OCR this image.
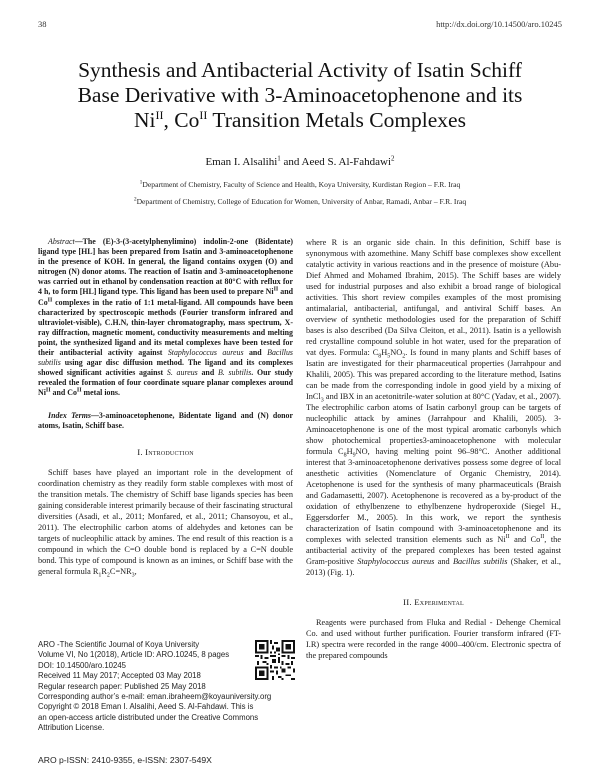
38	http://dx.doi.org/10.14500/aro.10245
Synthesis and Antibacterial Activity of Isatin Schiff
Base Derivative with 3-Aminoacetophenone and its
$Ni^{II}$, $Co^{II}$ Transition Metals Complexes
Eman I. Alsalihi$^1$ and Aeed S. Al-Fahdawi$^2$
$^1$Department of Chemistry, Faculty of Science and Health, Koya University, Kurdistan Region – F.R. Iraq
$^2$Department of Chemistry, College of Education for Women, University of Anbar, Ramadi, Anbar – F.R. Iraq
Abstract—The (E)-3-(3-acetylphenylimino) indolin-2-one (Bidentate) ligand type [HL] has been prepared from Isatin and 3-aminoacetophenone in the presence of KOH. In general, the ligand contains oxygen (O) and nitrogen (N) donor atoms. The reaction of Isatin and 3-aminoacetophenone was carried out in ethanol by condensation reaction at 80°C with reflux for 4 h, to form [HL] ligand type. This ligand has been used to prepare $Ni^{II}$ and $Co^{II}$ complexes in the ratio of 1:1 metal-ligand. All compounds have been characterized by spectroscopic methods (Fourier transform infrared and ultraviolet-visible), C.H.N, thin-layer chromatography, mass spectrum, X-ray diffraction, magnetic moment, conductivity measurements and melting point, the synthesized ligand and its metal complexes have been tested for their antibacterial activity against Staphylococcus aureus and Bacillus subtilis using agar disc diffusion method. The ligand and its complexes showed significant activities against S. aureus and B. subtilis. Our study revealed the formation of four coordinate square planar complexes around $Ni^{II}$ and $Co^{II}$ metal ions.
Index Terms—3-aminoacetophenone, Bidentate ligand and (N) donor atoms, Isatin, Schiff base.
I. Introduction

Schiff bases have played an important role in the development of coordination chemistry as they readily form stable complexes with most of the transition metals. The chemistry of Schiff base ligands species has been gaining considerable interest primarily because of their fascinating structural diversities (Asadi, et al., 2011; Monfared, et al., 2011; Chansoyou, et al., 2011). The electrophilic carbon atoms of aldehydes and ketones can be targets of nucleophilic attack by amines. The end result of this reaction is a compound in which the C=O double bond is replaced by a C=N double bond. This type of compound is known as an imines, or Schiff base with the general formula $R_1R_2C=NR_3$,

where R is an organic side chain. In this definition, Schiff base is synonymous with azomethine. Many Schiff base complexes show excellent catalytic activity in various reactions and in the presence of moisture (Abu-Dief Ahmed and Mohamed Ibrahim, 2015). The Schiff bases are widely used for industrial purposes and also exhibit a broad range of biological activities. This short review compiles examples of the most promising antimalarial, antibacterial, antifungal, and antiviral Schiff bases. An overview of synthetic methodologies used for the preparation of Schiff bases is also described (Da Silva Cleiton, et al., 2011). Isatin is a yellowish red crystalline compound soluble in hot water, used for the preparation of vat dyes. Formula: $C_8H_5NO_2$. Is found in many plants and Schiff bases of Isatin are investigated for their pharmaceutical properties (Jarrahpour and Khalili, 2005). This was prepared according to the literature method, Isatins can be made from the corresponding indole in good yield by a mixing of InCl$_3$ and IBX in an acetonitrile-water solution at 80°C (Yadav, et al., 2007). The electrophilic carbon atoms of Isatin carbonyl group can be targets of nucleophilic attack by amines (Jarrahpour and Khalili, 2005). 3-Aminoacetophenone is one of the most typical aromatic carbonyls which show photochemical properties3-aminoacetophenone with molecular formula $C_8H_9NO$, having melting point 96–98°C. Another additional interest that 3-aminoacetophenone derivatives possess some degree of local anesthetic activities (Nomenclature of Organic Chemistry, 2014). Acetophenone is used for the synthesis of many pharmaceuticals (Braish and Gadamasetti, 2007). Acetophenone is recovered as a by-product of the oxidation of ethylbenzene to ethylbenzene hydroperoxide (Siegel H., Eggersdorfer M., 2005). In this work, we report the synthesis characterization of Isatin compound with 3-aminoacetophenone and its complexes with selected transition elements such as $Ni^{II}$ and $Co^{II}$, the antibacterial activity of the prepared complexes has been tested against Gram-positive Staphylococcus aureus and Bacillus subtilis (Shaker, et al., 2013) (Fig. 1).

II. Experimental

Reagents were purchased from Fluka and Redial - Dehenge Chemical Co. and used without further purification. Fourier transform infrared (FT-I.R) spectra were recorded in the range 4000–400/cm. Electronic spectra of the prepared compounds

ARO -The Scientific Journal of Koya University
Volume VI, No 1(2018), Article ID: ARO.10245, 8 pages
DOI: 10.14500/aro.10245
Received 11 May 2017; Accepted 03 May 2018
Regular research paper: Published 25 May 2018
Corresponding author’s e-mail: eman.ibraheem@koyauniversity.org
Copyright © 2018 Eman I. Alsalihi, Aeed S. Al-Fahdawi. This is
an open-access article distributed under the Creative Commons
Attribution License.
ARO p-ISSN: 2410-9355, e-ISSN: 2307-549X
